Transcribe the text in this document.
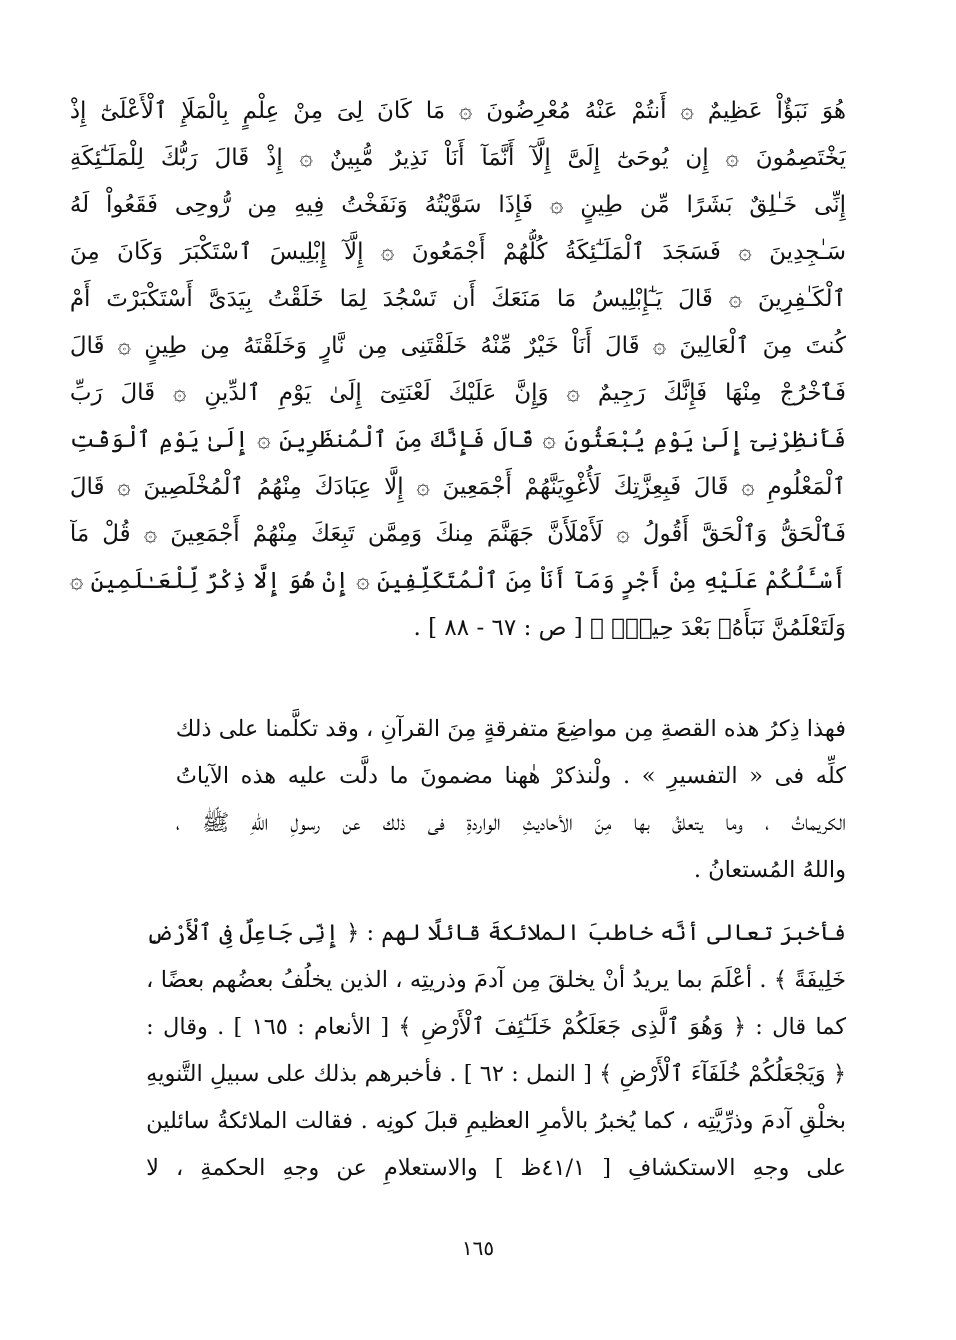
هُوَ نَبَؤٌاْ عَظِيمٌ ۞ أَنتُمْ عَنْهُ مُعْرِضُونَ ۞ مَا كَانَ لِىَ مِنْ عِلْمٍ بِالْمَلَإِ ٱلْأَعْلَىٰٓ إِذْ
يَخْتَصِمُونَ ۞ إِن يُوحَىٰٓ إِلَىَّ إِلَّآ أَنَّمَآ أَنَاْ نَذِيرٌ مُّبِينٌ ۞ إِذْ قَالَ رَبُّكَ لِلْمَلَـٰٓئِكَةِ
إِنِّى خَـٰلِقٌ بَشَرًا مِّن طِينٍ ۞ فَإِذَا سَوَّيْتُهُ وَنَفَخْتُ فِيهِ مِن رُّوحِى فَقَعُواْ لَهُ
سَـٰجِدِينَ ۞ فَسَجَدَ ٱلْمَلَـٰٓئِكَةُ كُلُّهُمْ أَجْمَعُونَ ۞ إِلَّآ إِبْلِيسَ ٱسْتَكْبَرَ وَكَانَ مِنَ
ٱلْكَـٰفِرِينَ ۞ قَالَ يَـٰٓإِبْلِيسُ مَا مَنَعَكَ أَن تَسْجُدَ لِمَا خَلَقْتُ بِيَدَىَّ أَسْتَكْبَرْتَ أَمْ
كُنتَ مِنَ ٱلْعَالِينَ ۞ قَالَ أَنَاْ خَيْرٌ مِّنْهُ خَلَقْتَنِى مِن نَّارٍ وَخَلَقْتَهُ مِن طِينٍ ۞ قَالَ
فَٱخْرُجْ مِنْهَا فَإِنَّكَ رَجِيمٌ ۞ وَإِنَّ عَلَيْكَ لَعْنَتِىٓ إِلَىٰ يَوْمِ ٱلدِّينِ ۞ قَالَ رَبِّ
فَأَنظِرْنِىٓ إِلَىٰ يَوْمِ يُبْعَثُونَ ۞ قَالَ فَإِنَّكَ مِنَ ٱلْمُنظَرِينَ ۞ إِلَىٰ يَوْمِ ٱلْوَقْتِ
ٱلْمَعْلُومِ ۞ قَالَ فَبِعِزَّتِكَ لَأُغْوِيَنَّهُمْ أَجْمَعِينَ ۞ إِلَّا عِبَادَكَ مِنْهُمُ ٱلْمُخْلَصِينَ ۞ قَالَ
فَٱلْحَقُّ وَٱلْحَقَّ أَقُولُ ۞ لَأَمْلَأَنَّ جَهَنَّمَ مِنكَ وَمِمَّن تَبِعَكَ مِنْهُمْ أَجْمَعِينَ ۞ قُلْ مَآ
أَسْـَٔلُكُمْ عَلَيْهِ مِنْ أَجْرٍ وَمَآ أَنَاْ مِنَ ٱلْمُتَكَلِّفِينَ ۞ إِنْ هُوَ إِلَّا ذِكْرٌ لِّلْعَـٰلَمِينَ ۞
وَلَتَعْلَمُنَّ نَبَأَهُۥ بَعْدَ حِينٍۭ ﴾ [ ص : ٦٧ - ٨٨ ] .
فهذا ذِكرُ هذه القصةِ مِن مواضِعَ متفرقةٍ مِنَ القرآنِ ، وقد تكلَّمنا على ذلك
كلِّه فى « التفسيرِ » . ولْنذكرْ هٰهنا مضمونَ ما دلَّت عليه هذه الآياتُ
الكريماتُ ، وما يتعلقُ بها مِنَ الأحاديثِ الواردةِ فى ذلك عن رسولِ اللهِ ﷺ ،
واللهُ المُستعانُ .
فأخبرَ تعالى أنَّه خاطبَ الملائكةَ قائلًا لهم : ﴿ إِنِّى جَاعِلٌ فِى ٱلْأَرْضِ
خَلِيفَةً ﴾ . أعْلَمَ بما يريدُ أنْ يخلقَ مِن آدمَ وذريتِه ، الذين يخلُفُ بعضُهم بعضًا ،
كما قال : ﴿ وَهُوَ ٱلَّذِى جَعَلَكُمْ خَلَـٰٓئِفَ ٱلْأَرْضِ ﴾ [ الأنعام : ١٦٥ ] . وقال :
﴿ وَيَجْعَلُكُمْ خُلَفَآءَ ٱلْأَرْضِ ﴾ [ النمل : ٦٢ ] . فأخبرهم بذلك على سبيلِ التَّنويهِ
بخلْقِ آدمَ وذرِّيَّتِه ، كما يُخبرُ بالأمرِ العظيمِ قبلَ كونِه . فقالت الملائكةُ سائلين
على وجهِ الاستكشافِ [ ٤١/١ظ ] والاستعلامِ عن وجهِ الحكمةِ ، لا
١٦٥
